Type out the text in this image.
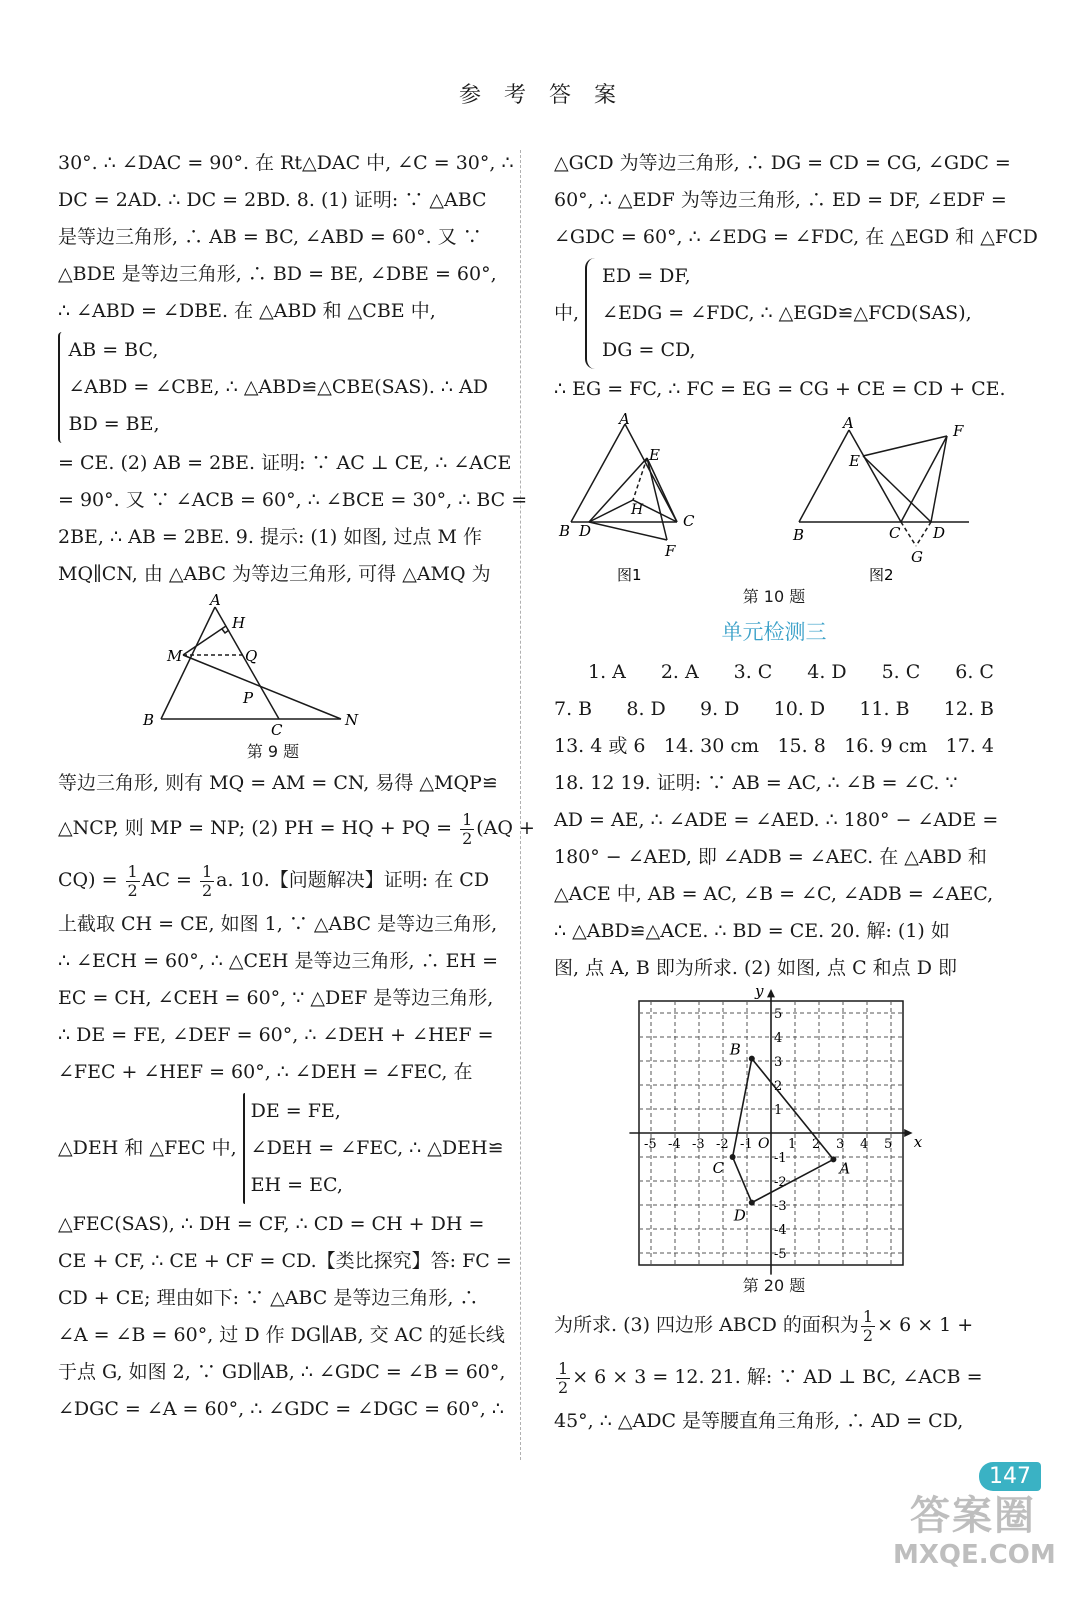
参 考 答 案
30°. ∴ ∠DAC = 90°. 在 Rt△DAC 中, ∠C = 30°, ∴
DC = 2AD. ∴ DC = 2BD. 8. (1) 证明: ∵ △ABC
是等边三角形, ∴ AB = BC, ∠ABD = 60°. 又 ∵
△BDE 是等边三角形, ∴ BD = BE, ∠DBE = 60°,
∴ ∠ABD = ∠DBE. 在 △ABD 和 △CBE 中,
AB = BC,
∠ABD = ∠CBE, ∴ △ABD≌△CBE(SAS). ∴ AD
BD = BE,
= CE. (2) AB = 2BE. 证明: ∵ AC ⊥ CE, ∴ ∠ACE
= 90°. 又 ∵ ∠ACB = 60°, ∴ ∠BCE = 30°, ∴ BC =
2BE, ∴ AB = 2BE. 9. 提示: (1) 如图, 过点 M 作
MQ∥CN, 由 △ABC 为等边三角形, 可得 △AMQ 为
A
H
M	Q
P
B
C
N
第 9 题
等边三角形, 则有 MQ = AM = CN, 易得 △MQP≌
△NCP, 则 MP = NP; (2) PH = HQ + PQ = $\frac{1}{2} (AQ$ +
$CQ) = \frac{1}{2}$ AC = $\frac{1}{2} a$. 10.【问题解决】证明: 在 CD
上截取 CH = CE, 如图 1, ∵ △ABC 是等边三角形,
∴ ∠ECH = 60°, ∴ △CEH 是等边三角形, ∴ EH =
EC = CH, ∠CEH = 60°, ∵ △DEF 是等边三角形,
∴ DE = FE, ∠DEF = 60°, ∴ ∠DEH + ∠HEF =
∠FEC + ∠HEF = 60°, ∴ ∠DEH = ∠FEC, 在
△DEH 和 △FEC 中,
DE = FE,
∠DEH = ∠FEC, ∴ △DEH≌
EH = EC,
△FEC(SAS), ∴ DH = CF, ∴ CD = CH + DH =
CE + CF, ∴ CE + CF = CD.【类比探究】答: FC =
CD + CE; 理由如下: ∵ △ABC 是等边三角形, ∴
∠A = ∠B = 60°, 过 D 作 DG∥AB, 交 AC 的延长线
于点 G, 如图 2, ∵ GD∥AB, ∴ ∠GDC = ∠B = 60°,
∠DGC = ∠A = 60°, ∴ ∠GDC = ∠DGC = 60°, ∴
△GCD 为等边三角形, ∴ DG = CD = CG, ∠GDC =
60°, ∴ △EDF 为等边三角形, ∴ ED = DF, ∠EDF =
∠GDC = 60°, ∴ ∠EDG = ∠FDC, 在 △EGD 和 △FCD
中,
ED = DF,
∠EDG = ∠FDC, ∴ △EGD≌△FCD(SAS),
DG = CD,
∴ EG = FC, ∴ FC = EG = CG + CE = CD + CE.
A
E
H
B D
C
F
A	F
E
B	C D
G
图1	图2
第 10 题
单元检测三
1. A 2. A 3. C 4. D 5. C 6. C
7. B 8. D 9. D 10. D 11. B 12. B
13. 4 或 6 14. 30 cm 15. 8 16. 9 cm 17. 4
18. 12 19. 证明: ∵ AB = AC, ∴ ∠B = ∠C. ∵
AD = AE, ∴ ∠ADE = ∠AED. ∴ 180° − ∠ADE =
180° − ∠AED, 即 ∠ADB = ∠AEC. 在 △ABD 和
△ACE 中, AB = AC, ∠B = ∠C, ∠ADB = ∠AEC,
∴ △ABD≌△ACE. ∴ BD = CE. 20. 解: (1) 如
图, 点 A, B 即为所求. (2) 如图, 点 C 和点 D 即
-5 -4 -3 -2 -1	1 2 3 4 5
5
4
3
2
1
-1
-2
-3
-4
-5
x
y
O
A
B
C
D
第 20 题
为所求. (3) 四边形 ABCD 的面积为 $\frac{1}{2} \times 6 \times 1$ +
$\frac{1}{2} \times 6 \times 3 = 12$. 21. 解: ∵ AD ⊥ BC, ∠ACB =
45°, ∴ △ADC 是等腰直角三角形, ∴ AD = CD,
147
答案圈
MXQE.COM
